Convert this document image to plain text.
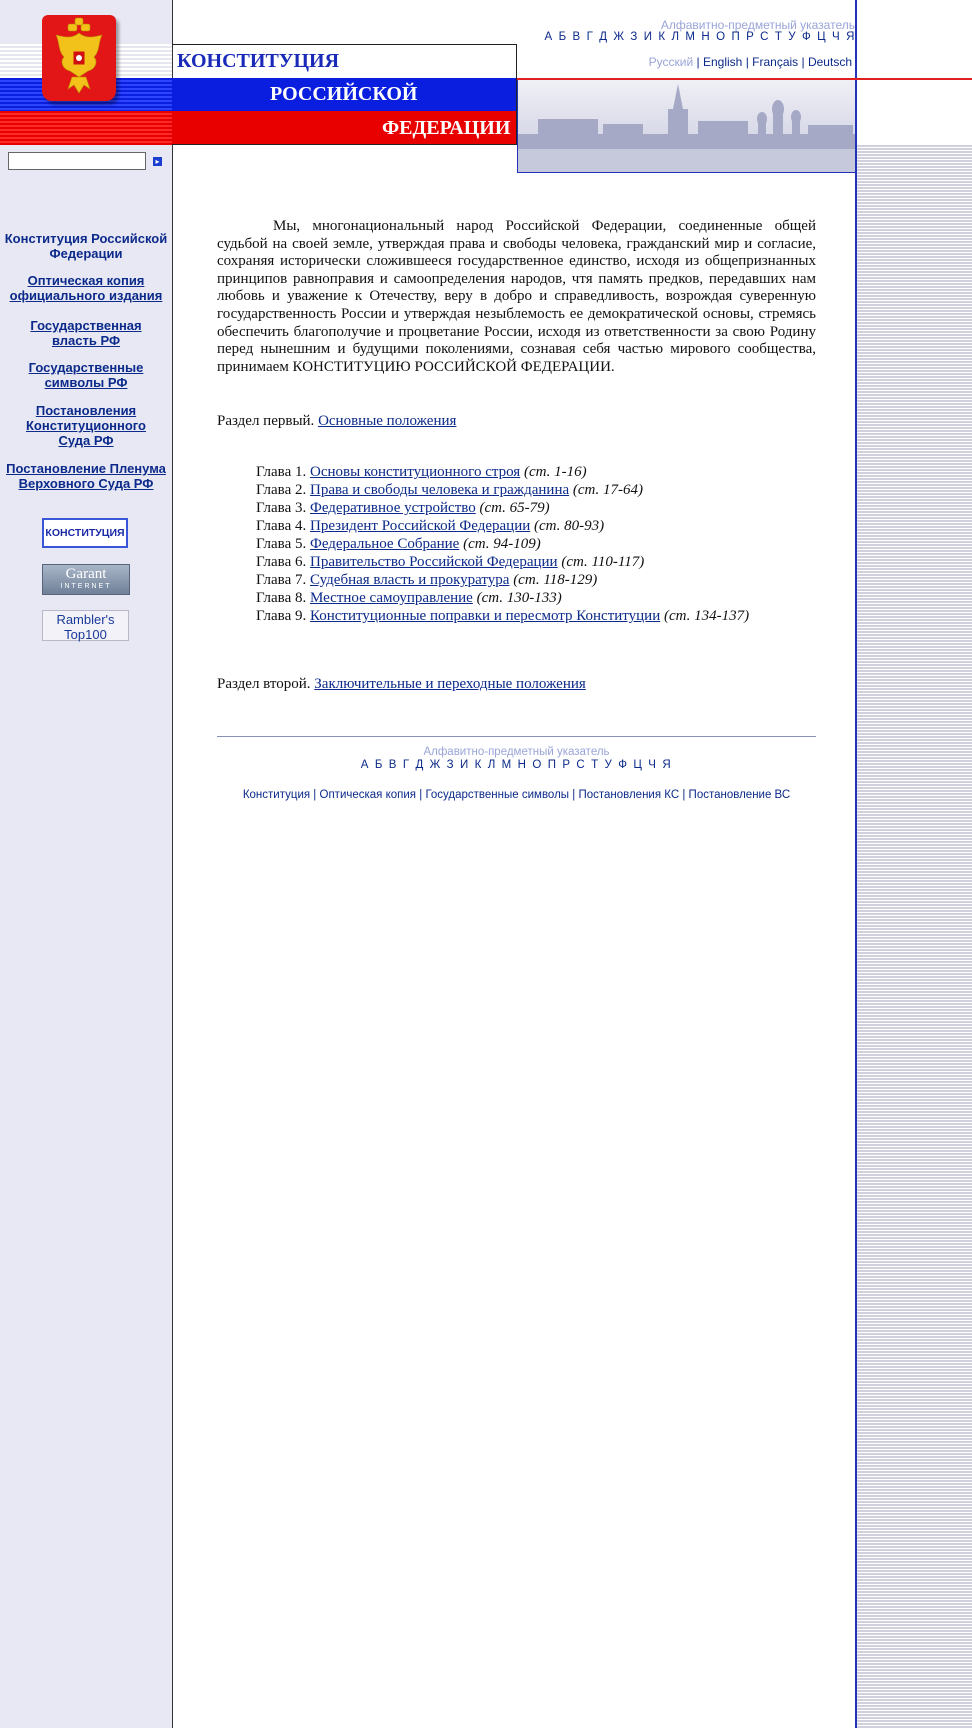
▸
Конституция Российской Федерации
Оптическая копия официального издания
Государственная власть РФ
Государственные символы РФ
Постановления Конституционного Суда РФ
Постановление Пленума Верховного Суда РФ
КОНСТИТУЦИЯ
Garant
INTERNET
Rambler's Top100
КОНСТИТУЦИЯ
РОССИЙСКОЙ
ФЕДЕРАЦИИ
Алфавитно-предметный указатель
А Б В Г Д Ж З И К Л М Н О П Р С Т У Ф Ц Ч Я
Русский | English | Français | Deutsch
Мы, многонациональный народ Российской Федерации, соединенные общей судьбой на своей земле, утверждая права и свободы человека, гражданский мир и согласие, сохраняя исторически сложившееся государственное единство, исходя из общепризнанных принципов равноправия и самоопределения народов, чтя память предков, передавших нам любовь и уважение к Отечеству, веру в добро и справедливость, возрождая суверенную государственность России и утверждая незыблемость ее демократической основы, стремясь обеспечить благополучие и процветание России, исходя из ответственности за свою Родину перед нынешним и будущими поколениями, сознавая себя частью мирового сообщества, принимаем КОНСТИТУЦИЮ РОССИЙСКОЙ ФЕДЕРАЦИИ.
Раздел первый. Основные положения
Глава 1. Основы конституционного строя (ст. 1-16)
Глава 2. Права и свободы человека и гражданина (ст. 17-64)
Глава 3. Федеративное устройство (ст. 65-79)
Глава 4. Президент Российской Федерации (ст. 80-93)
Глава 5. Федеральное Собрание (ст. 94-109)
Глава 6. Правительство Российской Федерации (ст. 110-117)
Глава 7. Судебная власть и прокуратура (ст. 118-129)
Глава 8. Местное самоуправление (ст. 130-133)
Глава 9. Конституционные поправки и пересмотр Конституции (ст. 134-137)
Раздел второй. Заключительные и переходные положения
Алфавитно-предметный указатель
А Б В Г Д Ж З И К Л М Н О П Р С Т У Ф Ц Ч Я
Конституция | Оптическая копия | Государственные символы | Постановления КС | Постановление ВС
